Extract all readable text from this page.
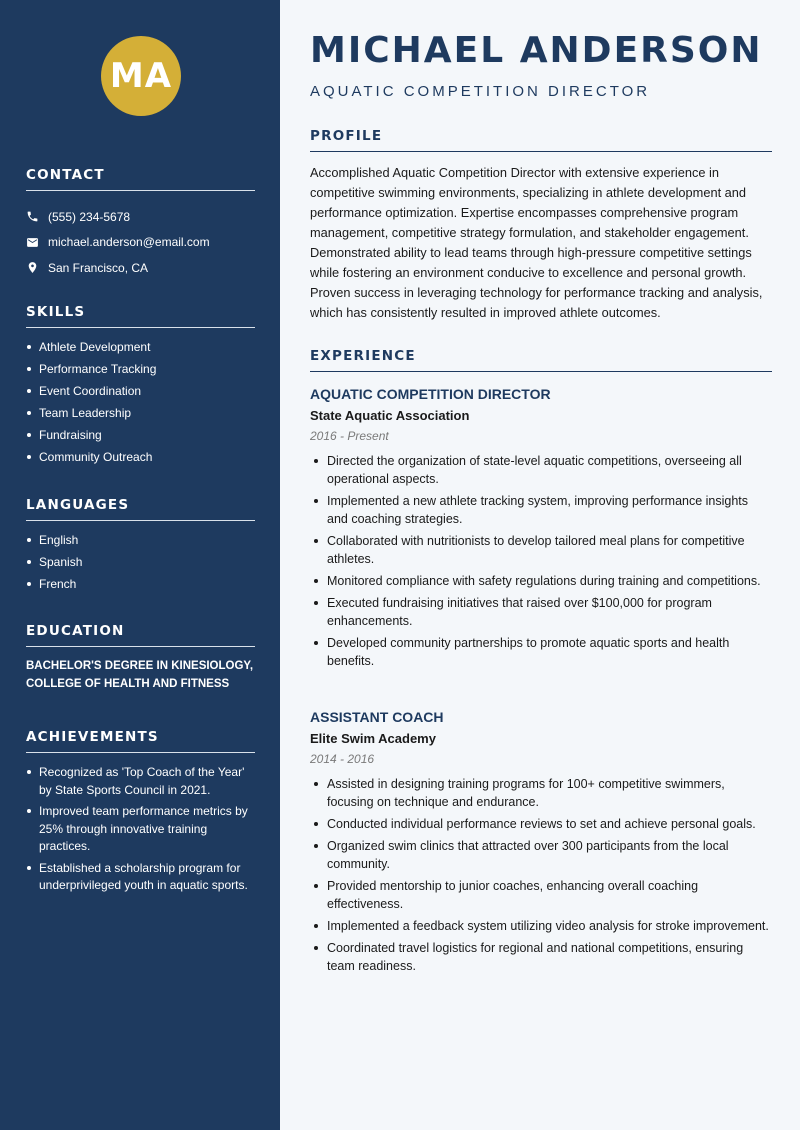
MA
CONTACT
(555) 234-5678
michael.anderson@email.com
San Francisco, CA
SKILLS
Athlete Development
Performance Tracking
Event Coordination
Team Leadership
Fundraising
Community Outreach
LANGUAGES
English
Spanish
French
EDUCATION

BACHELOR'S DEGREE IN KINESIOLOGY, COLLEGE OF HEALTH AND FITNESS

ACHIEVEMENTS
Recognized as 'Top Coach of the Year' by State Sports Council in 2021.
Improved team performance metrics by 25% through innovative training practices.
Established a scholarship program for underprivileged youth in aquatic sports.
MICHAEL ANDERSON
AQUATIC COMPETITION DIRECTOR
PROFILE

Accomplished Aquatic Competition Director with extensive experience in competitive swimming environments, specializing in athlete development and performance optimization. Expertise encompasses comprehensive program management, competitive strategy formulation, and stakeholder engagement. Demonstrated ability to lead teams through high-pressure competitive settings while fostering an environment conducive to excellence and personal growth. Proven success in leveraging technology for performance tracking and analysis, which has consistently resulted in improved athlete outcomes.

EXPERIENCE
AQUATIC COMPETITION DIRECTOR
State Aquatic Association
2016 - Present
Directed the organization of state-level aquatic competitions, overseeing all operational aspects.
Implemented a new athlete tracking system, improving performance insights and coaching strategies.
Collaborated with nutritionists to develop tailored meal plans for competitive athletes.
Monitored compliance with safety regulations during training and competitions.
Executed fundraising initiatives that raised over $100,000 for program enhancements.
Developed community partnerships to promote aquatic sports and health benefits.
ASSISTANT COACH
Elite Swim Academy
2014 - 2016
Assisted in designing training programs for 100+ competitive swimmers, focusing on technique and endurance.
Conducted individual performance reviews to set and achieve personal goals.
Organized swim clinics that attracted over 300 participants from the local community.
Provided mentorship to junior coaches, enhancing overall coaching effectiveness.
Implemented a feedback system utilizing video analysis for stroke improvement.
Coordinated travel logistics for regional and national competitions, ensuring team readiness.
